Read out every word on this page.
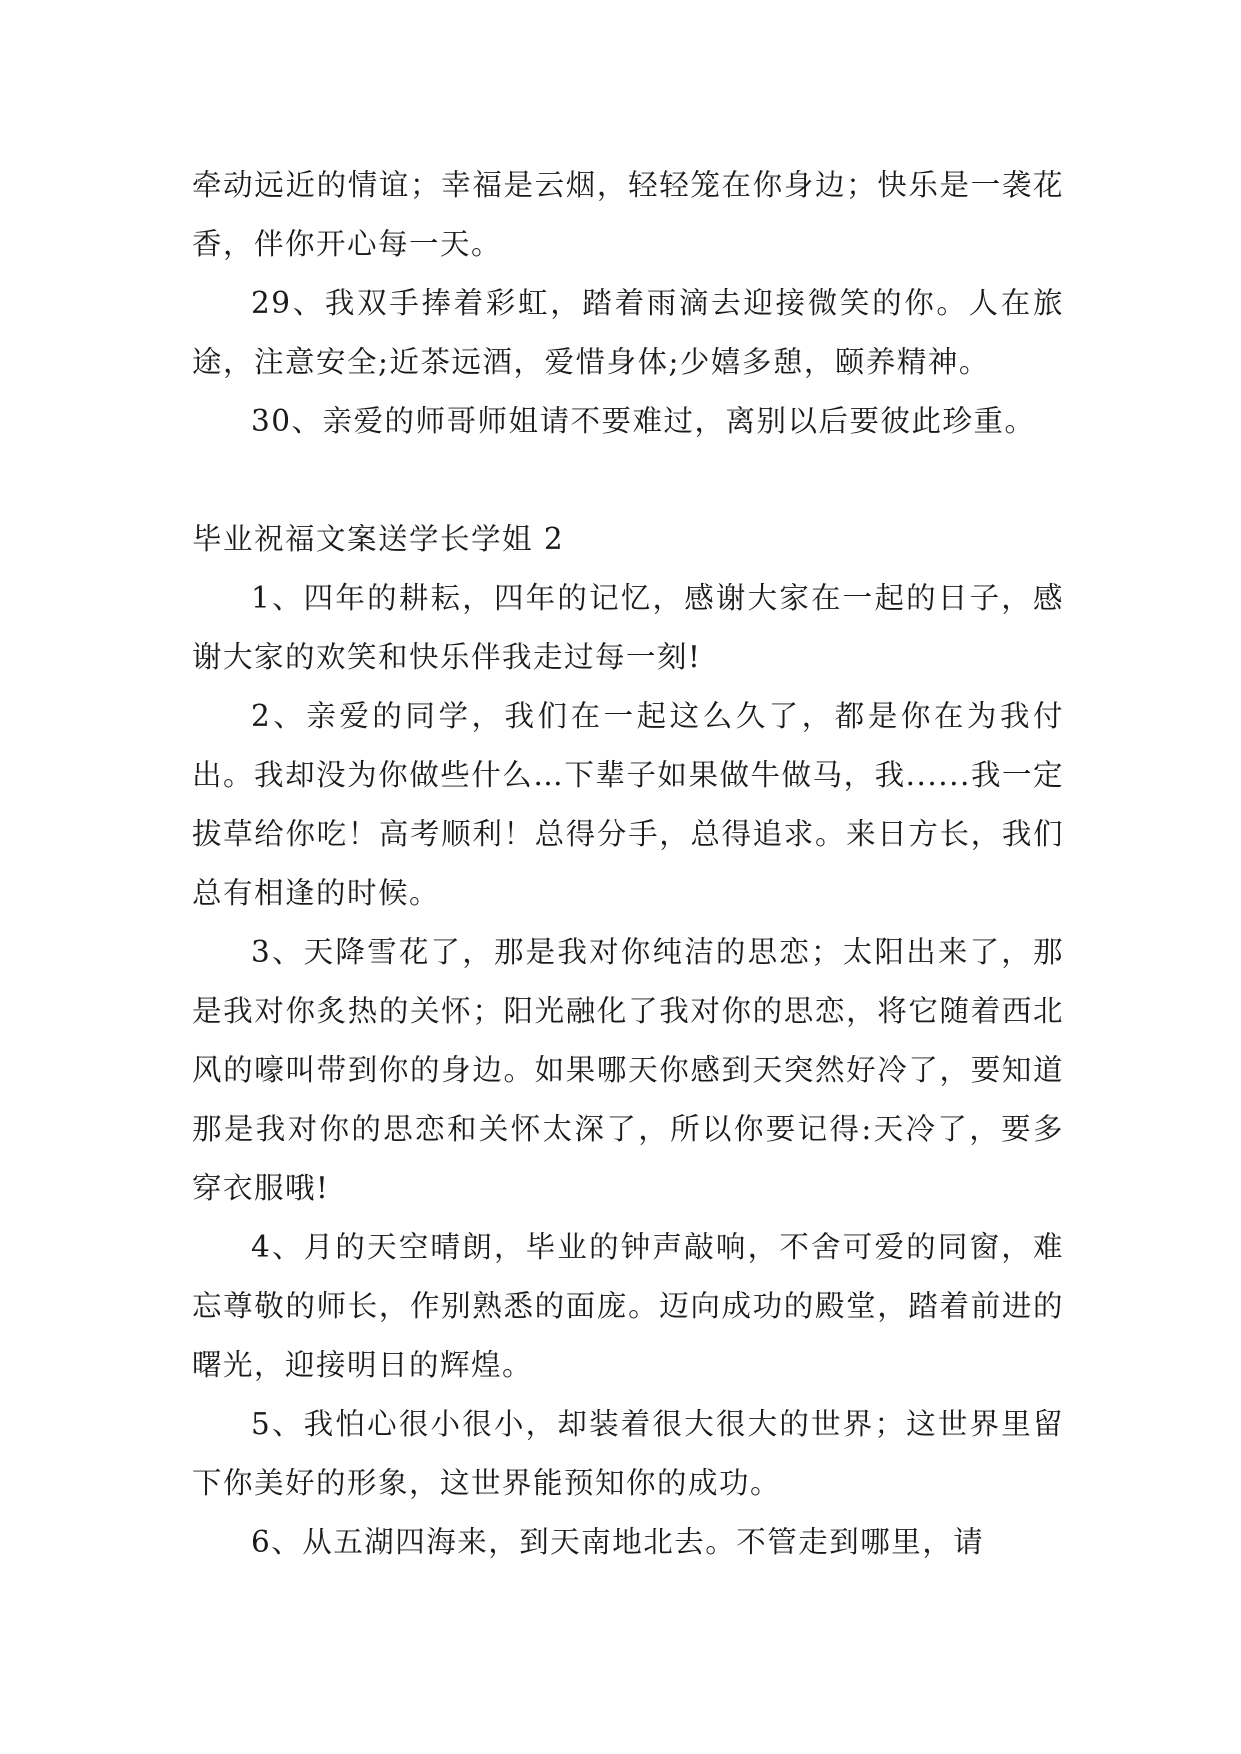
牵动远近的情谊；幸福是云烟，轻轻笼在你身边；快乐是一袭花香，伴你开心每一天。

29、我双手捧着彩虹，踏着雨滴去迎接微笑的你。人在旅途，注意安全;近茶远酒，爱惜身体;少嬉多憩，颐养精神。

30、亲爱的师哥师姐请不要难过，离别以后要彼此珍重。

毕业祝福文案送学长学姐 2

1、四年的耕耘，四年的记忆，感谢大家在一起的日子，感谢大家的欢笑和快乐伴我走过每一刻!

2、亲爱的同学，我们在一起这么久了，都是你在为我付出。我却没为你做些什么…下辈子如果做牛做马，我......我一定拔草给你吃！高考顺利！总得分手，总得追求。来日方长，我们总有相逢的时候。

3、天降雪花了，那是我对你纯洁的思恋；太阳出来了，那是我对你炙热的关怀；阳光融化了我对你的思恋，将它随着西北风的嚎叫带到你的身边。如果哪天你感到天突然好冷了，要知道那是我对你的思恋和关怀太深了，所以你要记得:天冷了，要多穿衣服哦!

4、月的天空晴朗，毕业的钟声敲响，不舍可爱的同窗，难忘尊敬的师长，作别熟悉的面庞。迈向成功的殿堂，踏着前进的曙光，迎接明日的辉煌。

5、我怕心很小很小，却装着很大很大的世界；这世界里留下你美好的形象，这世界能预知你的成功。

6、从五湖四海来，到天南地北去。不管走到哪里，请
